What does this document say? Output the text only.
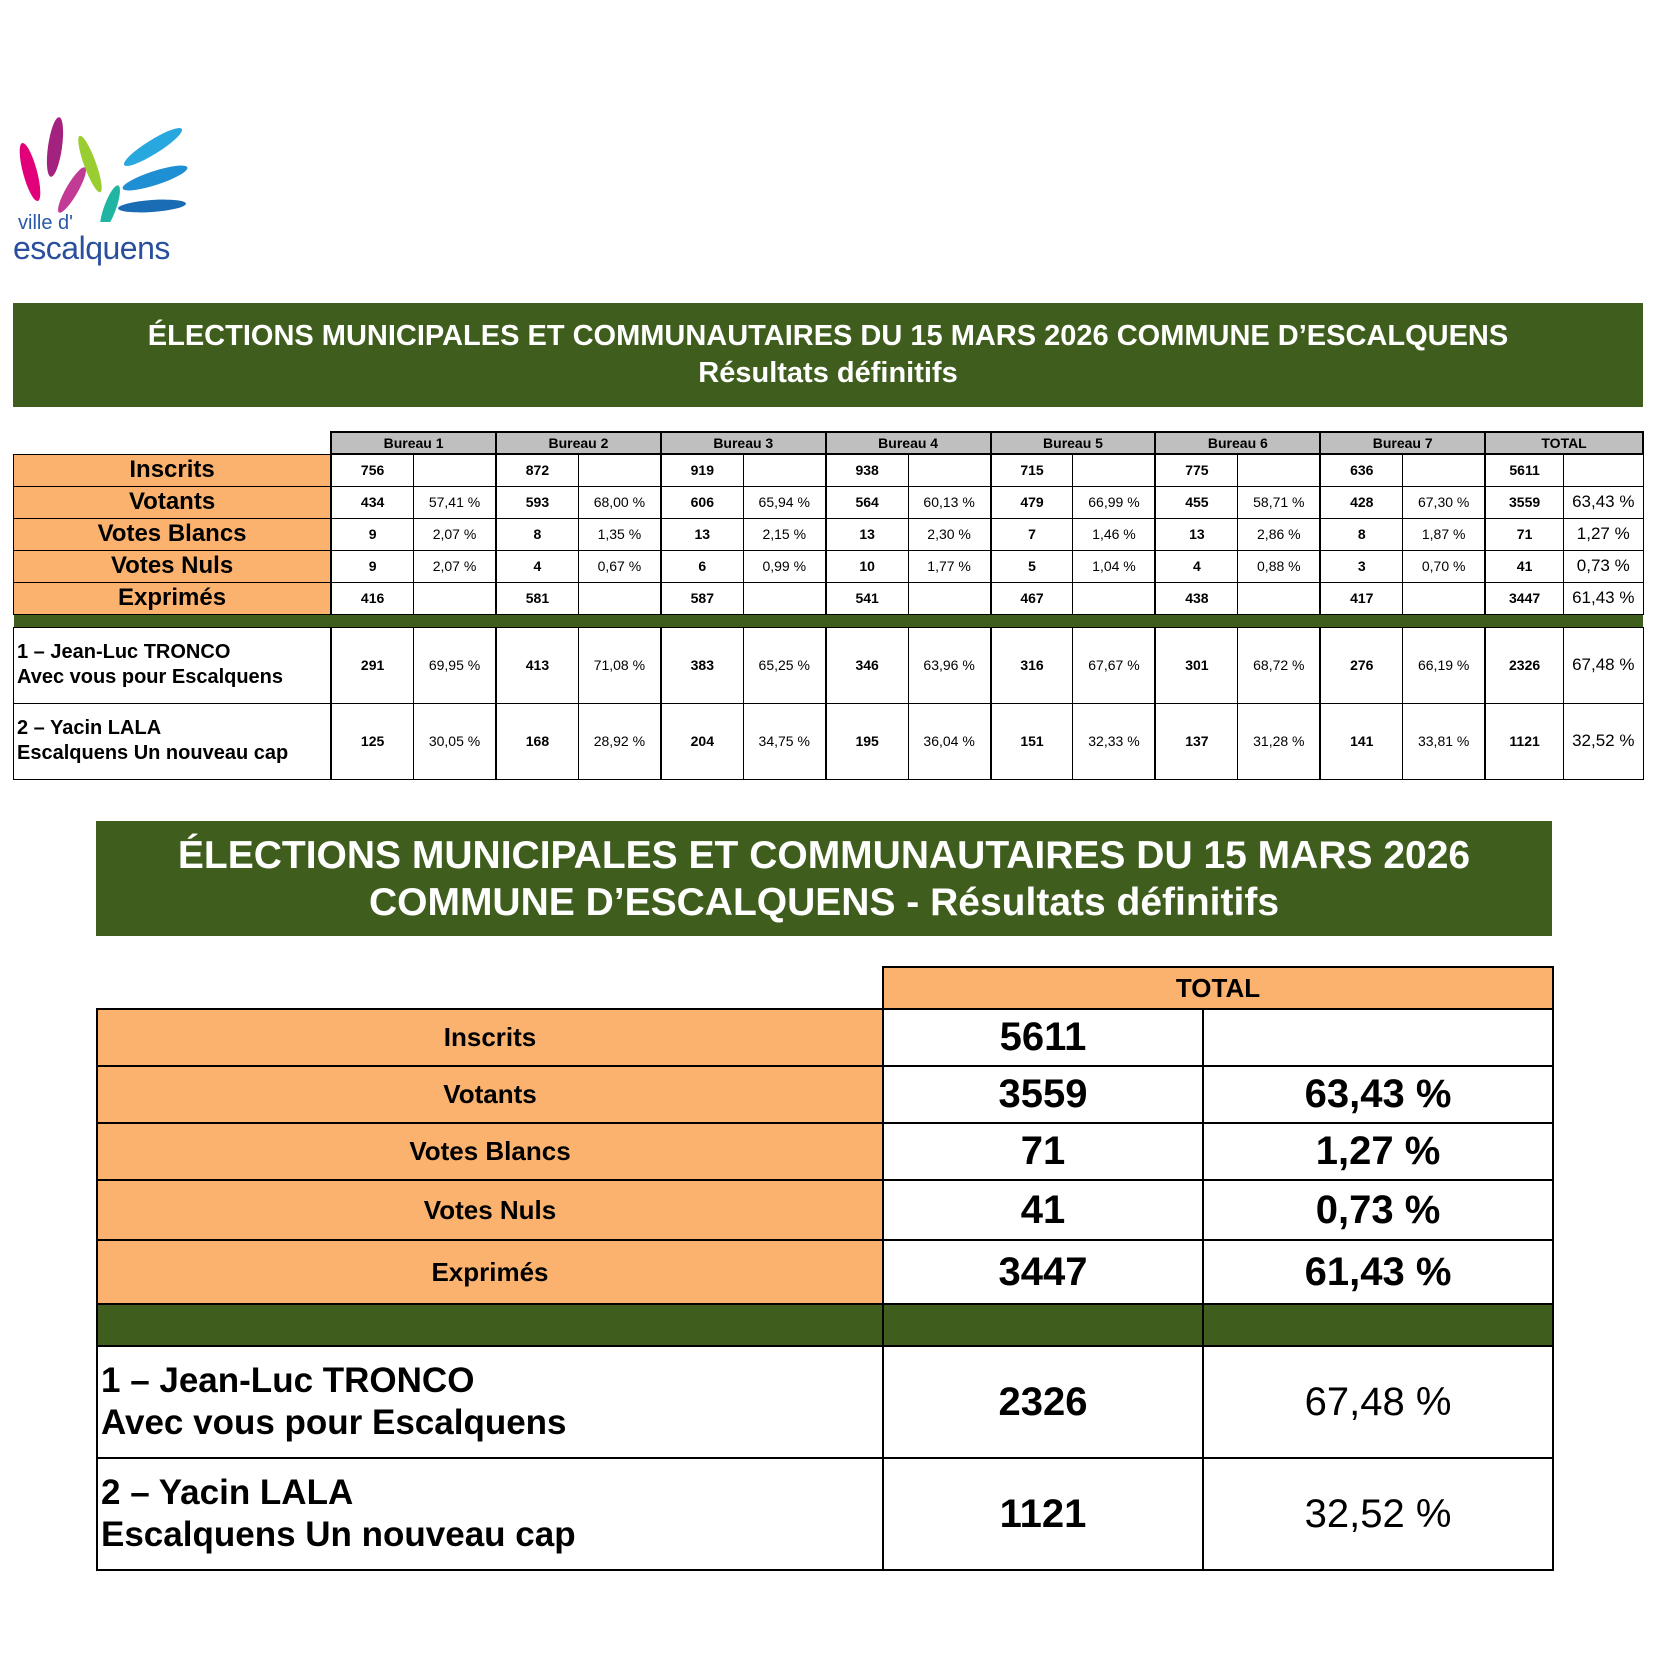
ville d'
escalquens
ÉLECTIONS MUNICIPALES ET COMMUNAUTAIRES DU 15 MARS 2026 COMMUNE D’ESCALQUENS
Résultats définitifs
	Bureau 1		Bureau 2		Bureau 3		Bureau 4		Bureau 5		Bureau 6		Bureau 7		TOTAL	
Inscrits	756		872		919		938		715		775		636		5611	
Votants	434	57,41 %	593	68,00 %	606	65,94 %	564	60,13 %	479	66,99 %	455	58,71 %	428	67,30 %	3559	63,43 %
Votes Blancs	9	2,07 %	8	1,35 %	13	2,15 %	13	2,30 %	7	1,46 %	13	2,86 %	8	1,87 %	71	1,27 %
Votes Nuls	9	2,07 %	4	0,67 %	6	0,99 %	10	1,77 %	5	1,04 %	4	0,88 %	3	0,70 %	41	0,73 %
Exprimés	416		581		587		541		467		438		417		3447	61,43 %

1 – Jean-Luc TRONCO
Avec vous pour Escalquens	291	69,95 %	413	71,08 %	383	65,25 %	346	63,96 %	316	67,67 %	301	68,72 %	276	66,19 %	2326	67,48 %

2 – Yacin LALA
Escalquens Un nouveau cap	125	30,05 %	168	28,92 %	204	34,75 %	195	36,04 %	151	32,33 %	137	31,28 %	141	33,81 %	1121	32,52 %
ÉLECTIONS MUNICIPALES ET COMMUNAUTAIRES DU 15 MARS 2026
COMMUNE D’ESCALQUENS - Résultats définitifs
	TOTAL	
Inscrits	5611	
Votants	3559	63,43 %
Votes Blancs	71	1,27 %
Votes Nuls	41	0,73 %
Exprimés	3447	61,43 %

1 – Jean-Luc TRONCO
Avec vous pour Escalquens	2326	67,48 %

2 – Yacin LALA
Escalquens Un nouveau cap	1121	32,52 %
